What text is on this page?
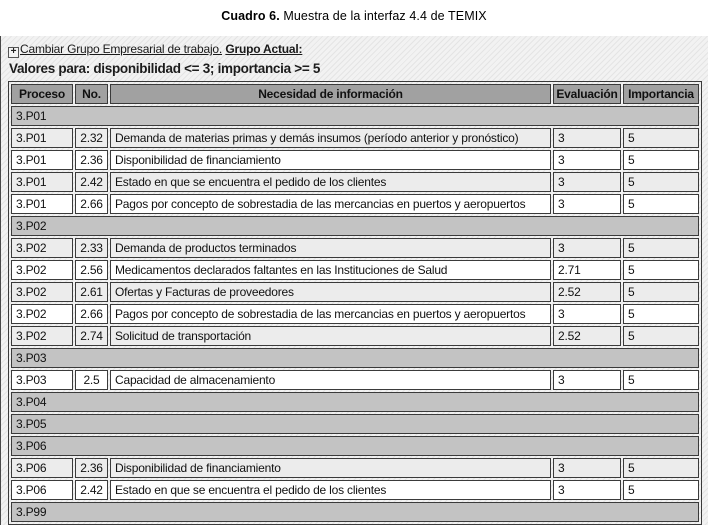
Cuadro 6. Muestra de la interfaz 4.4 de TEMIX
+ Cambiar Grupo Empresarial de trabajo. Grupo Actual:
Valores para: disponibilidad <= 3; importancia >= 5
Proceso	No.	Necesidad de información	Evaluación	Importancia
3.P01				
3.P01	2.32	Demanda de materias primas y demás insumos (período anterior y pronóstico)	3	5
3.P01	2.36	Disponibilidad de financiamiento	3	5
3.P01	2.42	Estado en que se encuentra el pedido de los clientes	3	5
3.P01	2.66	Pagos por concepto de sobrestadia de las mercancias en puertos y aeropuertos	3	5
3.P02				
3.P02	2.33	Demanda de productos terminados	3	5
3.P02	2.56	Medicamentos declarados faltantes en las Instituciones de Salud	2.71	5
3.P02	2.61	Ofertas y Facturas de proveedores	2.52	5
3.P02	2.66	Pagos por concepto de sobrestadia de las mercancias en puertos y aeropuertos	3	5
3.P02	2.74	Solicitud de transportación	2.52	5
3.P03				
3.P03	2.5	Capacidad de almacenamiento	3	5
3.P04				
3.P05				
3.P06				
3.P06	2.36	Disponibilidad de financiamiento	3	5
3.P06	2.42	Estado en que se encuentra el pedido de los clientes	3	5
3.P99				
